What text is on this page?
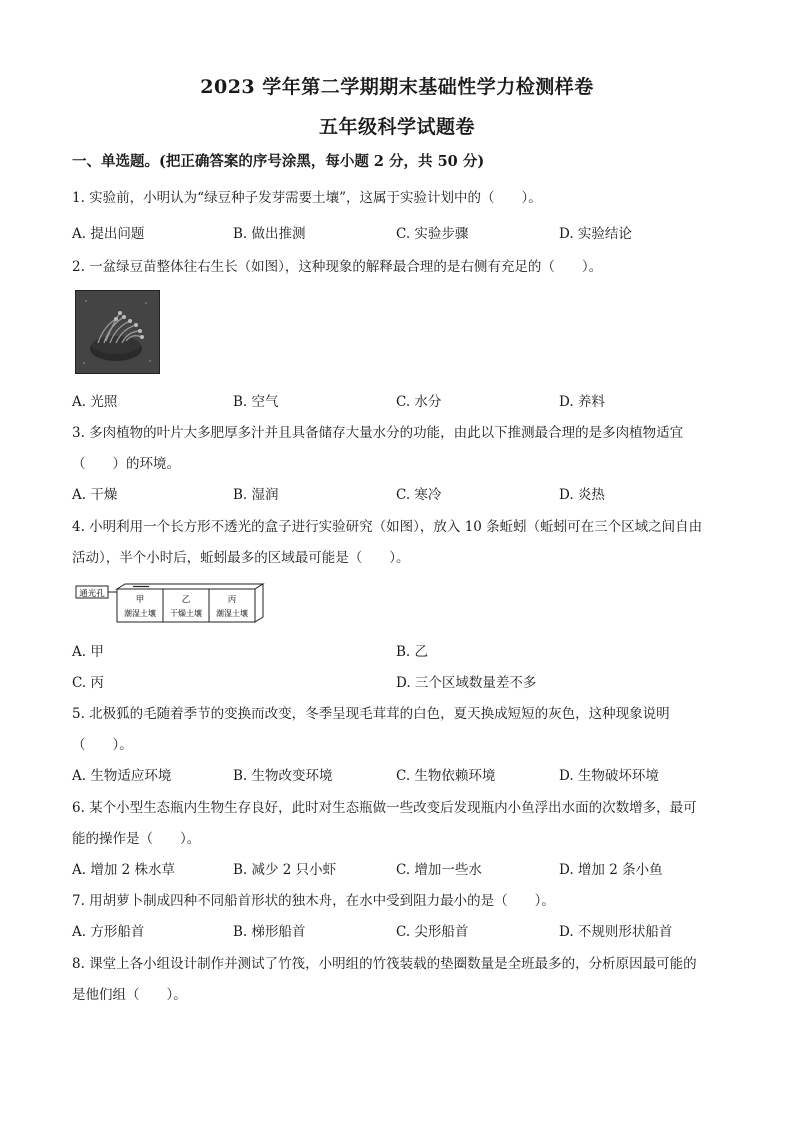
2023 学年第二学期期末基础性学力检测样卷
五年级科学试题卷
一、单选题。(把正确答案的序号涂黑，每小题 2 分，共 50 分)
1. 实验前，小明认为“绿豆种子发芽需要土壤”，这属于实验计划中的（　　）。
A. 提出问题	B. 做出推测	C. 实验步骤	D. 实验结论
2. 一盆绿豆苗整体往右生长（如图），这种现象的解释最合理的是右侧有充足的（　　）。
A. 光照	B. 空气	C. 水分	D. 养料
3. 多肉植物的叶片大多肥厚多汁并且具备储存大量水分的功能，由此以下推测最合理的是多肉植物适宜
（　　）的环境。
A. 干燥	B. 湿润	C. 寒冷	D. 炎热
4. 小明利用一个长方形不透光的盒子进行实验研究（如图），放入 10 条蚯蚓（蚯蚓可在三个区域之间自由
活动），半个小时后，蚯蚓最多的区域最可能是（　　）。
通光孔
甲
潮湿土壤
乙
干燥土壤
丙
潮湿土壤
A. 甲	B. 乙
C. 丙	D. 三个区域数量差不多
5. 北极狐的毛随着季节的变换而改变，冬季呈现毛茸茸的白色，夏天换成短短的灰色，这种现象说明
（　　）。
A. 生物适应环境	B. 生物改变环境	C. 生物依赖环境	D. 生物破坏环境
6. 某个小型生态瓶内生物生存良好，此时对生态瓶做一些改变后发现瓶内小鱼浮出水面的次数增多，最可
能的操作是（　　）。
A. 增加 2 株水草	B. 减少 2 只小虾	C. 增加一些水	D. 增加 2 条小鱼
7. 用胡萝卜制成四种不同船首形状的独木舟，在水中受到阻力最小的是（　　）。
A. 方形船首	B. 梯形船首	C. 尖形船首	D. 不规则形状船首
8. 课堂上各小组设计制作并测试了竹筏，小明组的竹筏装载的垫圈数量是全班最多的，分析原因最可能的
是他们组（　　）。
